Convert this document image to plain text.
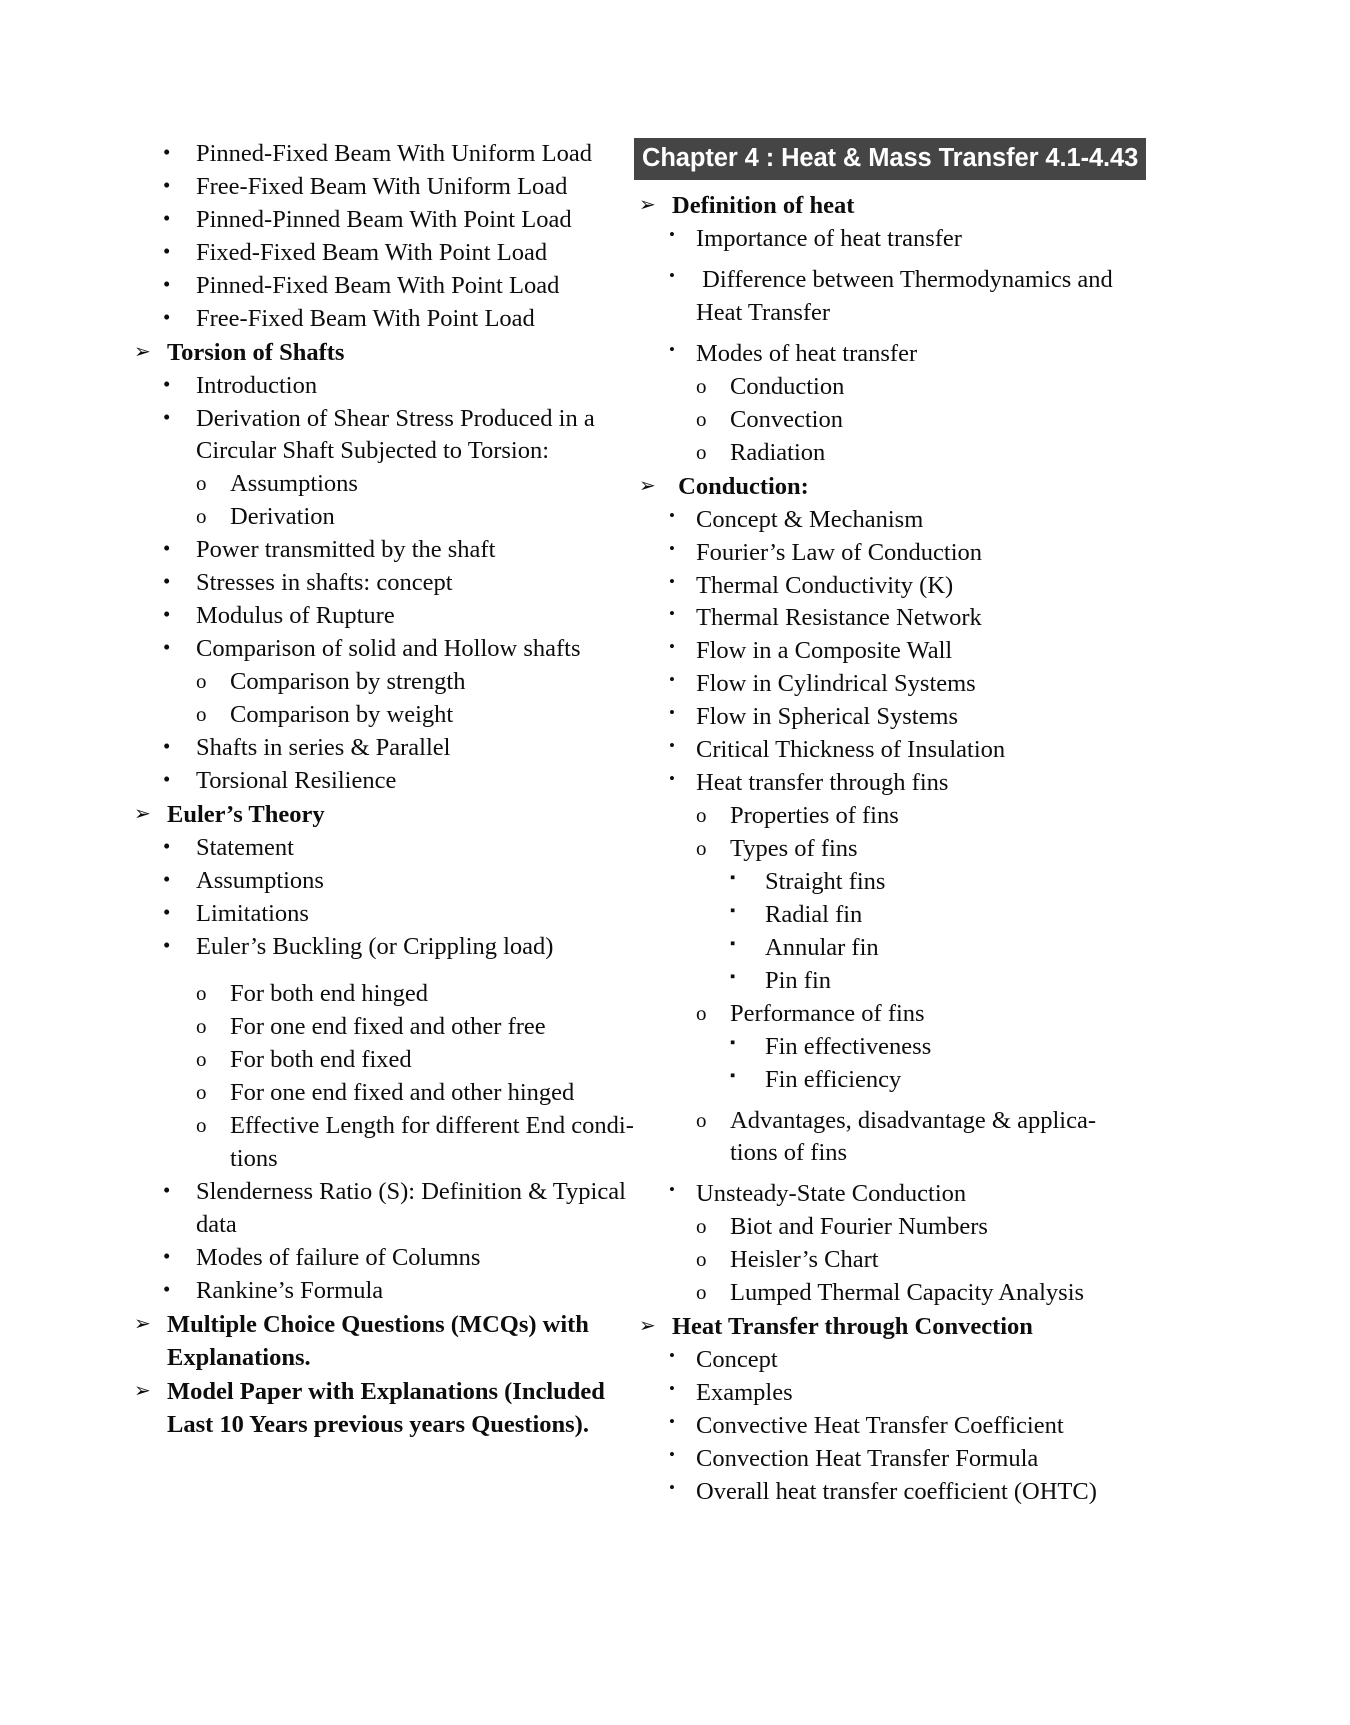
•	Pinned-Fixed Beam With Uniform Load
•	Free-Fixed Beam With Uniform Load
•	Pinned-Pinned Beam With Point Load
•	Fixed-Fixed Beam With Point Load
•	Pinned-Fixed Beam With Point Load
•	Free-Fixed Beam With Point Load
➢ Torsion of Shafts
•	Introduction
•	Derivation of Shear Stress Produced in a Circular Shaft Subjected to Torsion:
o Assumptions
o Derivation
•	Power transmitted by the shaft
•	Stresses in shafts: concept
•	Modulus of Rupture
•	Comparison of solid and Hollow shafts
o Comparison by strength
o Comparison by weight
•	Shafts in series & Parallel
•	Torsional Resilience
➢ Euler’s Theory
•	Statement
•	Assumptions
•	Limitations
•	Euler’s Buckling (or Crippling load)
o For both end hinged
o For one end fixed and other free
o For both end fixed
o For one end fixed and other hinged
o Effective Length for different End condi-tions
•	Slenderness Ratio (S): Definition & Typical data
•	Modes of failure of Columns
•	Rankine’s Formula
➢ Multiple Choice Questions (MCQs) with Explanations.
➢ Model Paper with Explanations (Included Last 10 Years previous years Questions).
Chapter 4 : Heat & Mass Transfer 4.1-4.43
➢ Definition of heat
• Importance of heat transfer
• Difference between Thermodynamics and Heat Transfer
• Modes of heat transfer
o Conduction
o Convection
o Radiation
➢ Conduction:
• Concept & Mechanism
• Fourier’s Law of Conduction
• Thermal Conductivity (K)
• Thermal Resistance Network
• Flow in a Composite Wall
• Flow in Cylindrical Systems
• Flow in Spherical Systems
• Critical Thickness of Insulation
• Heat transfer through fins
o Properties of fins
o Types of fins
▪	Straight fins
▪	Radial fin
▪	Annular fin
▪	Pin fin
o Performance of fins
▪	Fin effectiveness
▪	Fin efficiency
o Advantages, disadvantage & applica-tions of fins
• Unsteady-State Conduction
o Biot and Fourier Numbers
o Heisler’s Chart
o Lumped Thermal Capacity Analysis
➢ Heat Transfer through Convection
• Concept
• Examples
• Convective Heat Transfer Coefficient
• Convection Heat Transfer Formula
• Overall heat transfer coefficient (OHTC)
